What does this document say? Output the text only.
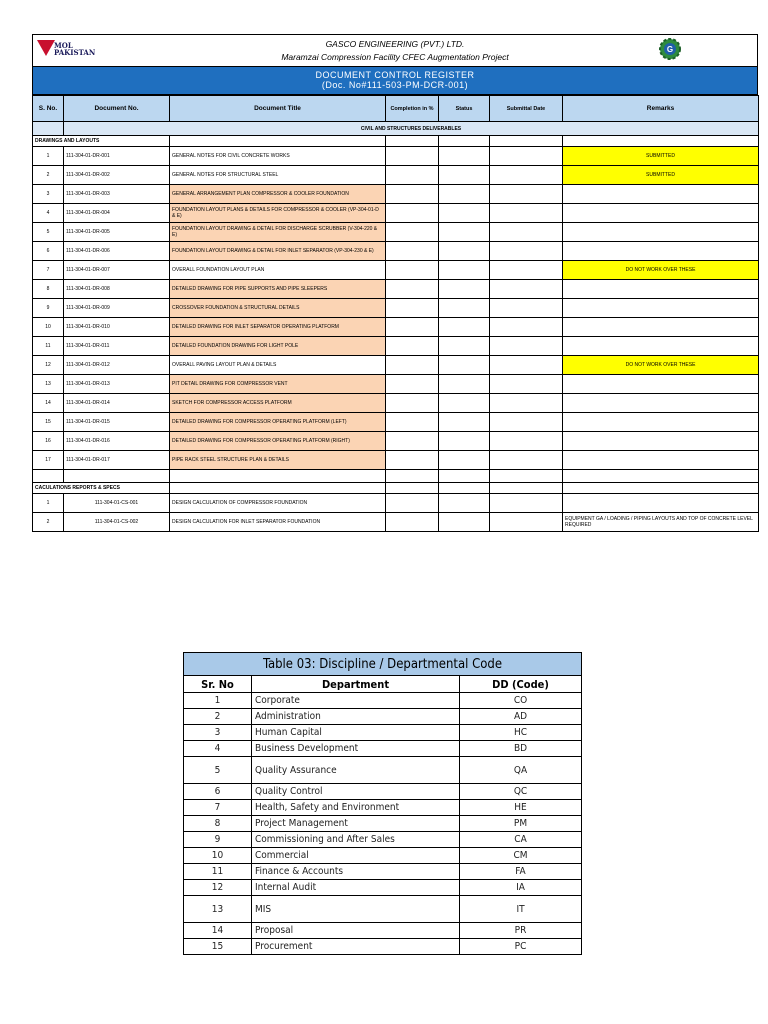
MOL
PAKISTAN
GASCO ENGINEERING (PVT.) LTD.
Maramzai Compression Facility CFEC Augmentation Project
G
DOCUMENT CONTROL REGISTER
(Doc. No#111-503-PM-DCR-001)
S. No.	Document No.	Document Title	Completion in %	Status	Submittal Date	Remarks
	CIVIL AND STRUCTURES DELIVERABLES					
DRAWINGS AND LAYOUTS						
1	111-304-01-DR-001	GENERAL NOTES FOR CIVIL CONCRETE WORKS				SUBMITTED
2	111-304-01-DR-002	GENERAL NOTES FOR STRUCTURAL STEEL				SUBMITTED
3	111-304-01-DR-003	GENERAL ARRANGEMENT PLAN COMPRESSOR & COOLER FOUNDATION				
4	111-304-01-DR-004	FOUNDATION LAYOUT PLANS & DETAILS FOR COMPRESSOR & COOLER (VP-304-01-D & E)				
5	111-304-01-DR-005	FOUNDATION LAYOUT DRAWING & DETAIL FOR DISCHARGE SCRUBBER (V-304-220 & E)				
6	111-304-01-DR-006	FOUNDATION LAYOUT DRAWING & DETAIL FOR INLET SEPARATOR (VP-304-230 & E)				
7	111-304-01-DR-007	OVERALL FOUNDATION LAYOUT PLAN				DO NOT WORK OVER THESE
8	111-304-01-DR-008	DETAILED DRAWING FOR PIPE SUPPORTS AND PIPE SLEEPERS				
9	111-304-01-DR-009	CROSSOVER FOUNDATION & STRUCTURAL DETAILS				
10	111-304-01-DR-010	DETAILED DRAWING FOR INLET SEPARATOR OPERATING PLATFORM				
11	111-304-01-DR-011	DETAILED FOUNDATION DRAWING FOR LIGHT POLE				
12	111-304-01-DR-012	OVERALL PAVING LAYOUT PLAN & DETAILS				DO NOT WORK OVER THESE
13	111-304-01-DR-013	PIT DETAIL DRAWING FOR COMPRESSOR VENT				
14	111-304-01-DR-014	SKETCH FOR COMPRESSOR ACCESS PLATFORM				
15	111-304-01-DR-015	DETAILED DRAWING FOR COMPRESSOR OPERATING PLATFORM (LEFT)				
16	111-304-01-DR-016	DETAILED DRAWING FOR COMPRESSOR OPERATING PLATFORM (RIGHT)				
17	111-304-01-DR-017	PIPE RACK STEEL STRUCTURE PLAN & DETAILS				

CACULATIONS REPORTS & SPECS						
1	111-304-01-CS-001	DESIGN CALCULATION OF COMPRESSOR FOUNDATION				
2	111-304-01-CS-002	DESIGN CALCULATION FOR INLET SEPARATOR FOUNDATION				EQUIPMENT GA / LOADING / PIPING LAYOUTS AND TOP OF CONCRETE LEVEL REQUIRED
Table 03: Discipline / Departmental Code		
Sr. No	Department	DD (Code)
1	Corporate	CO
2	Administration	AD
3	Human Capital	HC
4	Business Development	BD
5	Quality Assurance	QA
6	Quality Control	QC
7	Health, Safety and Environment	HE
8	Project Management	PM
9	Commissioning and After Sales	CA
10	Commercial	CM
11	Finance & Accounts	FA
12	Internal Audit	IA
13	MIS	IT
14	Proposal	PR
15	Procurement	PC
